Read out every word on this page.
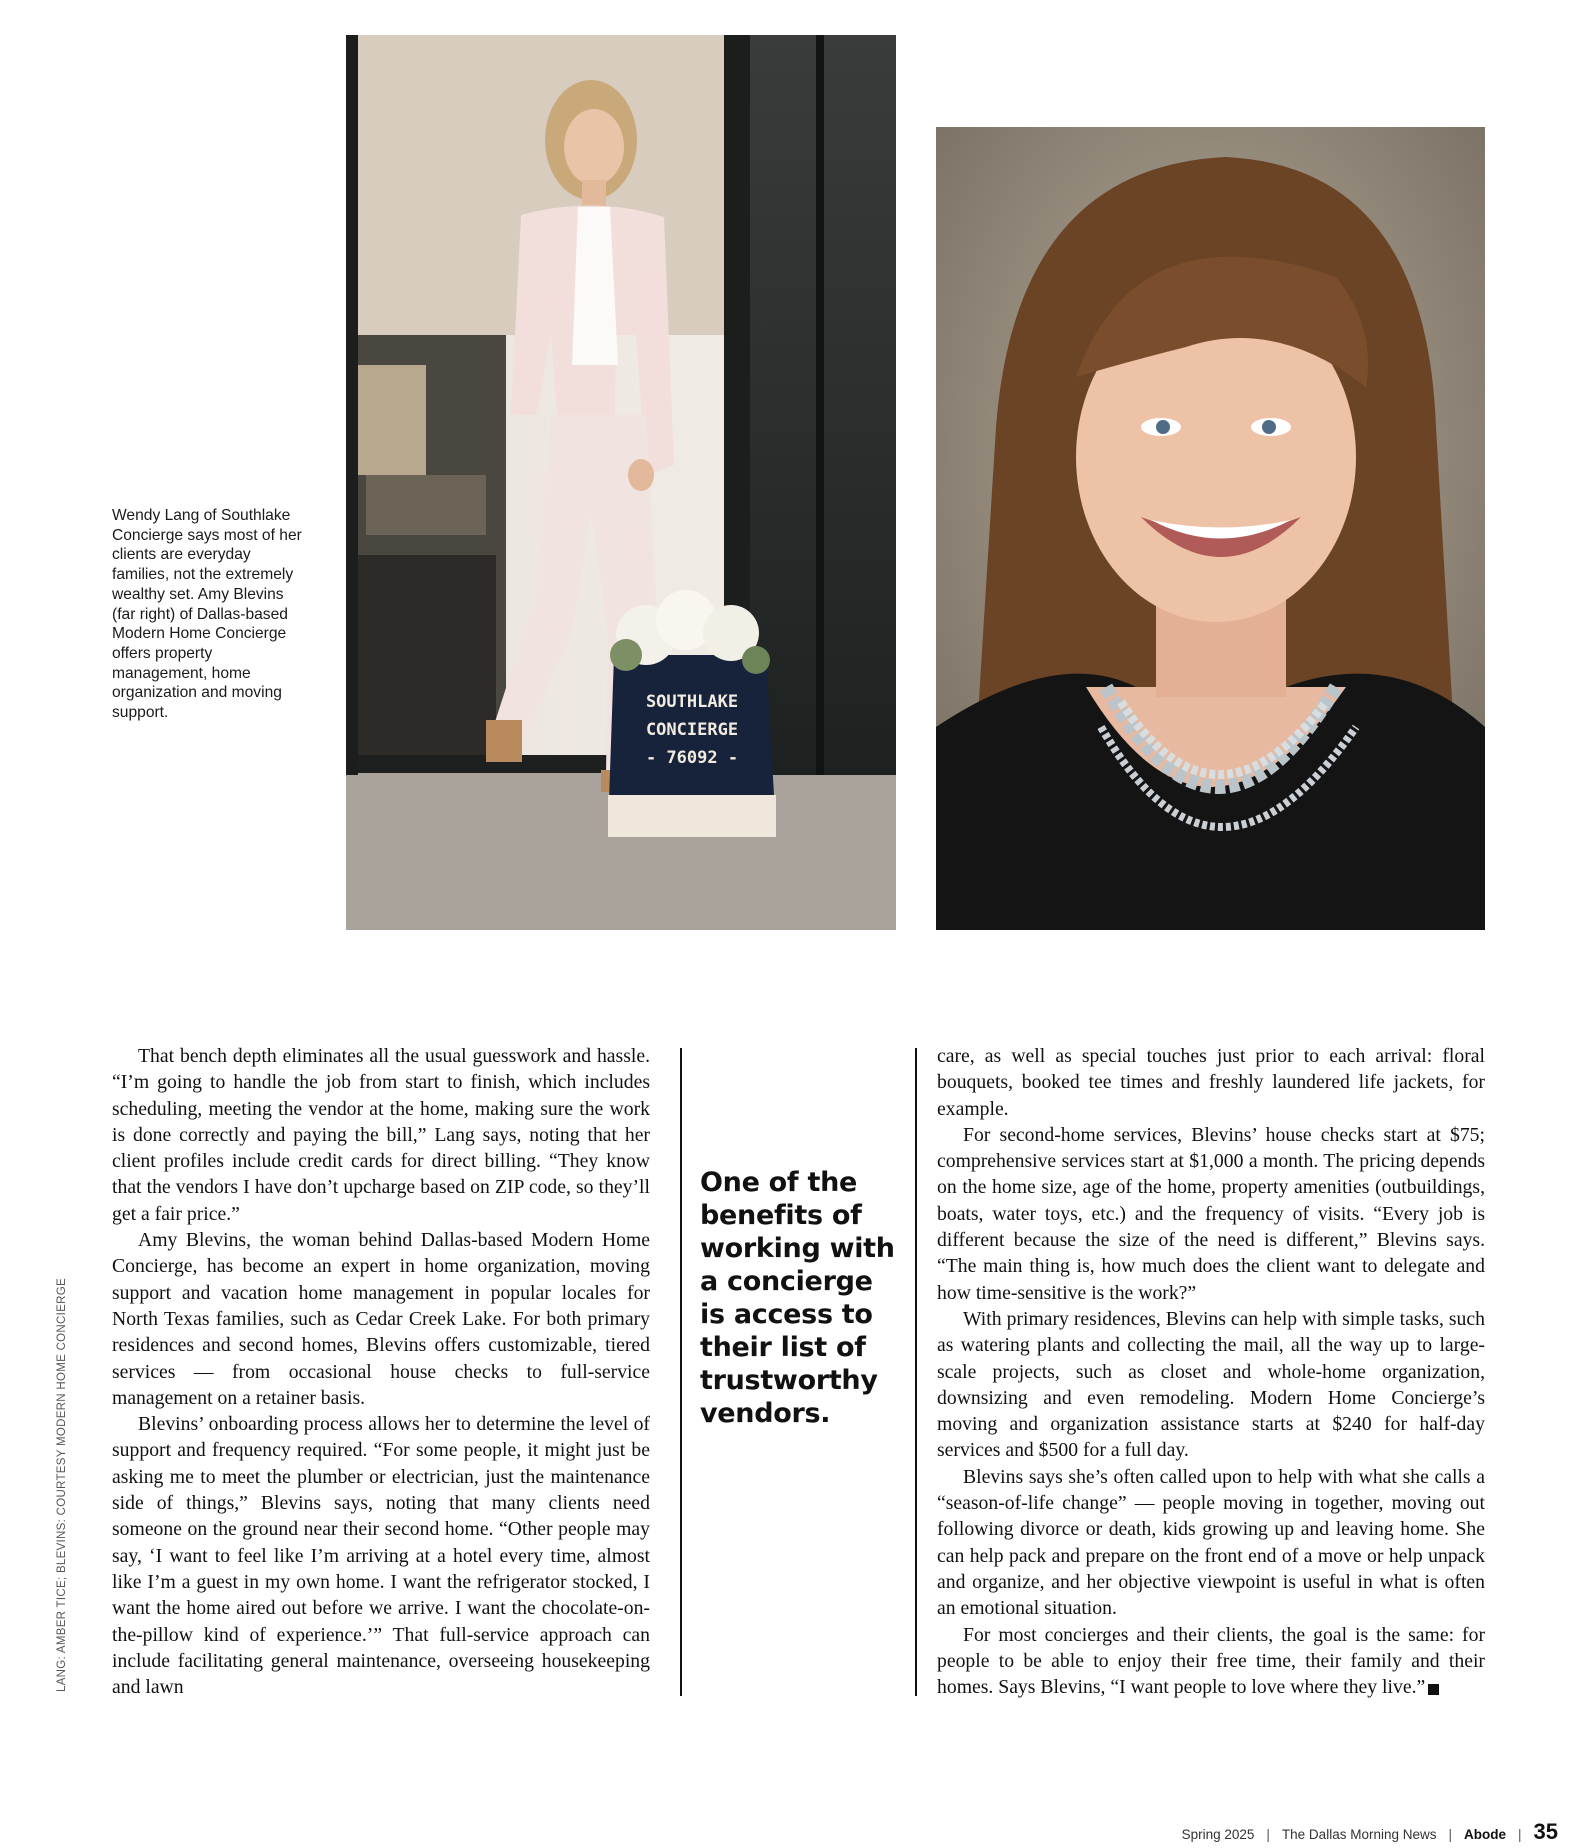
SOUTHLAKE
CONCIERGE
- 76092 -
Wendy Lang of Southlake Concierge says most of her clients are everyday families, not the extremely wealthy set. Amy Blevins (far right) of Dallas-based Modern Home Concierge offers property management, home organization and moving support.
LANG: AMBER TICE; BLEVINS: COURTESY MODERN HOME CONCIERGE

That bench depth eliminates all the usual guesswork and hassle. “I’m going to handle the job from start to finish, which includes scheduling, meeting the vendor at the home, making sure the work is done correctly and paying the bill,” Lang says, noting that her client profiles include credit cards for direct billing. “They know that the vendors I have don’t upcharge based on ZIP code, so they’ll get a fair price.”

Amy Blevins, the woman behind Dallas-based Modern Home Concierge, has become an expert in home organization, moving support and vacation home management in popular locales for North Texas families, such as Cedar Creek Lake. For both primary residences and second homes, Blevins offers customizable, tiered services — from occasional house checks to full-service management on a retainer basis.

Blevins’ onboarding process allows her to determine the level of support and frequency required. “For some people, it might just be asking me to meet the plumber or electrician, just the maintenance side of things,” Blevins says, noting that many clients need someone on the ground near their second home. “Other people may say, ‘I want to feel like I’m arriving at a hotel every time, almost like I’m a guest in my own home. I want the refrigerator stocked, I want the home aired out before we arrive. I want the chocolate-on-the-pillow kind of experience.’” That full-service approach can include facilitating general maintenance, overseeing housekeeping and lawn

One of the benefits of working with a concierge is access to their list of trustworthy vendors.

care, as well as special touches just prior to each arrival: floral bouquets, booked tee times and freshly laundered life jackets, for example.

For second-home services, Blevins’ house checks start at $75; comprehensive services start at $1,000 a month. The pricing depends on the home size, age of the home, property amenities (outbuildings, boats, water toys, etc.) and the frequency of visits. “Every job is different because the size of the need is different,” Blevins says. “The main thing is, how much does the client want to delegate and how time-sensitive is the work?”

With primary residences, Blevins can help with simple tasks, such as watering plants and collecting the mail, all the way up to large-scale projects, such as closet and whole-home organization, downsizing and even remodeling. Modern Home Concierge’s moving and organization assistance starts at $240 for half-day services and $500 for a full day.

Blevins says she’s often called upon to help with what she calls a “season-of-life change” — people moving in together, moving out following divorce or death, kids growing up and leaving home. She can help pack and prepare on the front end of a move or help unpack and organize, and her objective viewpoint is useful in what is often an emotional situation.

For most concierges and their clients, the goal is the same: for people to be able to enjoy their free time, their family and their homes. Says Blevins, “I want people to love where they live.”	D

Spring 2025 | The Dallas Morning News | Abode | 35
